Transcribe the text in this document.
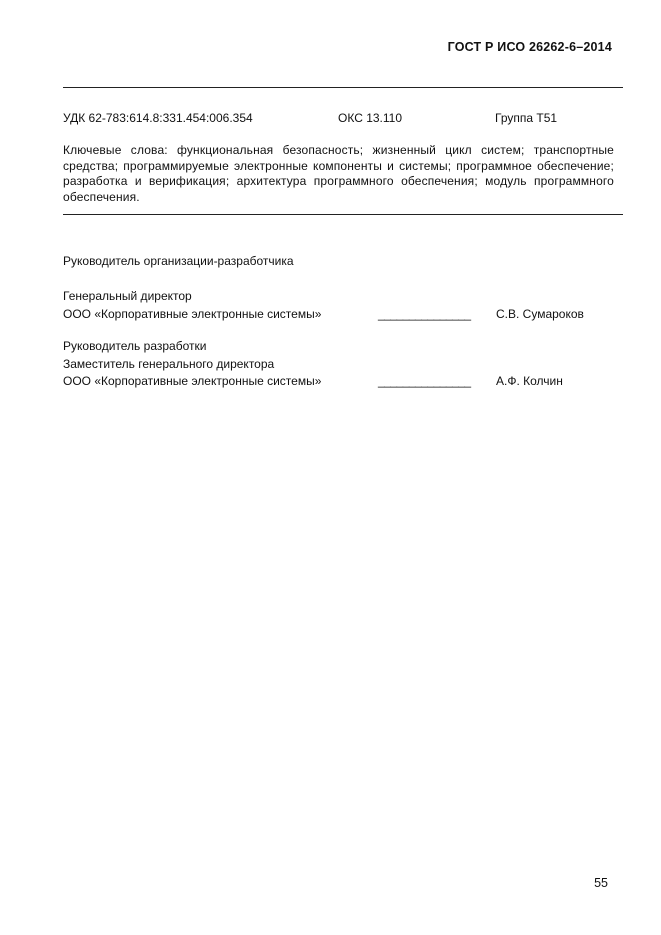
ГОСТ Р ИСО 26262-6–2014
УДК 62-783:614.8:331.454:006.354	ОКС 13.110	Группа Т51
Ключевые слова: функциональная безопасность; жизненный цикл систем; транспортные средства; программируемые электронные компоненты и системы; программное обеспечение; разработка и верификация; архитектура программного обеспечения; модуль программного обеспечения.
Руководитель организации-разработчика
Генеральный директор
ООО «Корпоративные электронные системы»	_______________ С.В. Сумароков
Руководитель разработки
Заместитель генерального директора
ООО «Корпоративные электронные системы»	_______________ А.Ф. Колчин
55
